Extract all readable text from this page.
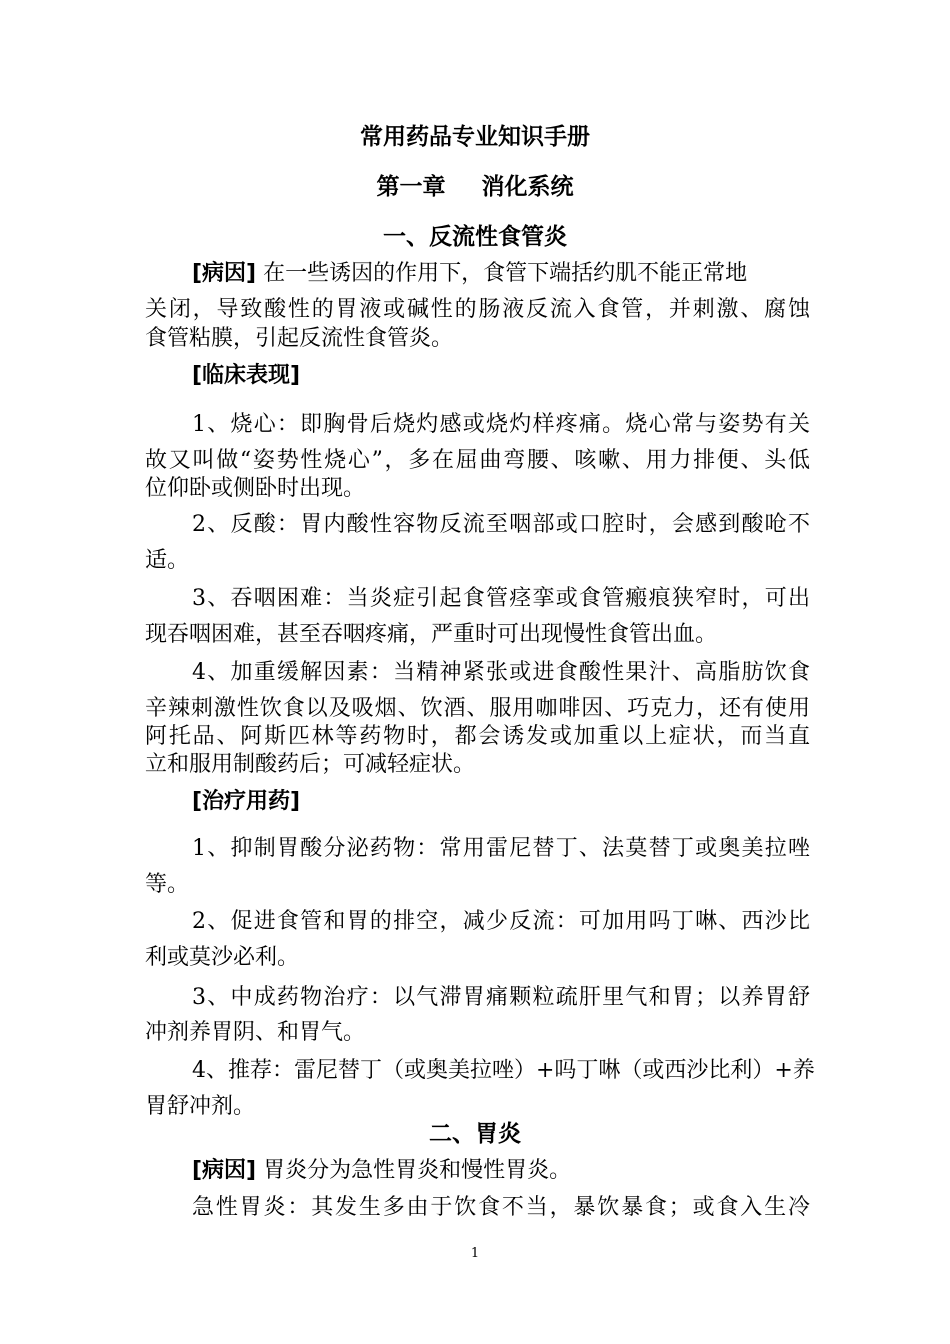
常用药品专业知识手册
第一章 消化系统
一、反流性食管炎
[病因] 在一些诱因的作用下，食管下端括约肌不能正常地
关闭，导致酸性的胃液或碱性的肠液反流入食管，并刺激、腐蚀
食管粘膜，引起反流性食管炎。
[临床表现]
1、烧心：即胸骨后烧灼感或烧灼样疼痛。烧心常与姿势有关
故又叫做“姿势性烧心”，多在屈曲弯腰、咳嗽、用力排便、头低
位仰卧或侧卧时出现。
2、反酸：胃内酸性容物反流至咽部或口腔时，会感到酸呛不
适。
3、吞咽困难：当炎症引起食管痉挛或食管瘢痕狭窄时，可出
现吞咽困难，甚至吞咽疼痛，严重时可出现慢性食管出血。
4、加重缓解因素：当精神紧张或进食酸性果汁、高脂肪饮食
辛辣刺激性饮食以及吸烟、饮酒、服用咖啡因、巧克力，还有使用
阿托品、阿斯匹林等药物时，都会诱发或加重以上症状，而当直
立和服用制酸药后；可减轻症状。
[治疗用药]
1、抑制胃酸分泌药物：常用雷尼替丁、法莫替丁或奥美拉唑
等。
2、促进食管和胃的排空，减少反流：可加用吗丁啉、西沙比
利或莫沙必利。
3、中成药物治疗：以气滞胃痛颗粒疏肝里气和胃；以养胃舒
冲剂养胃阴、和胃气。
4、推荐：雷尼替丁（或奥美拉唑）+吗丁啉（或西沙比利）+养
胃舒冲剂。
二、胃炎
[病因] 胃炎分为急性胃炎和慢性胃炎。
急性胃炎：其发生多由于饮食不当，暴饮暴食；或食入生冷
1
